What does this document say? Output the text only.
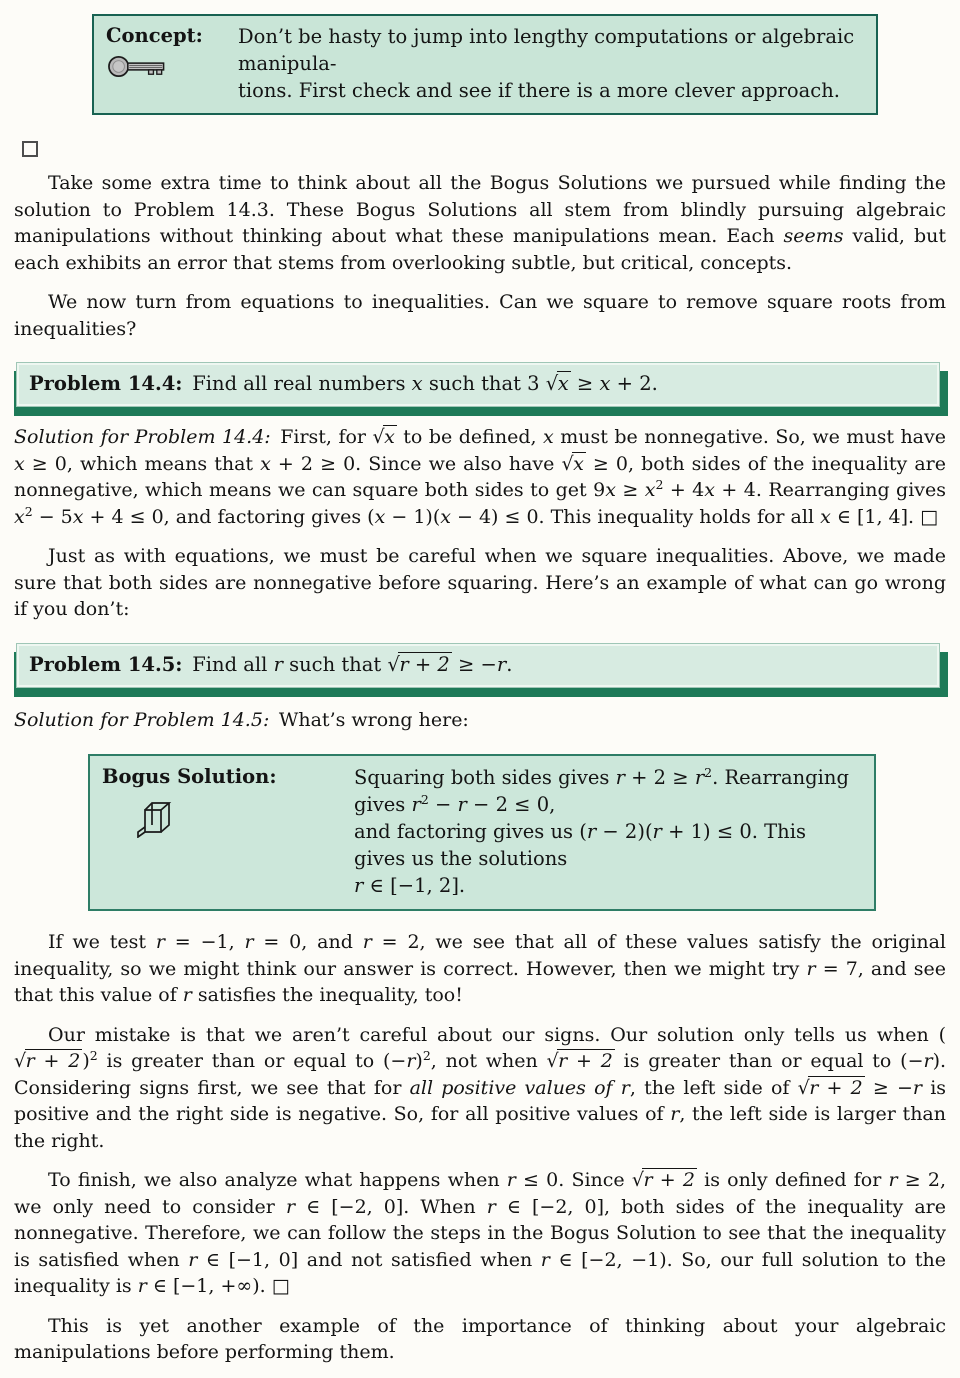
Concept:	Don’t be hasty to jump into lengthy computations or algebraic manipula-
tions. First check and see if there is a more clever approach.

Take some extra time to think about all the Bogus Solutions we pursued while finding the solution to Problem 14.3. These Bogus Solutions all stem from blindly pursuing algebraic manipulations without thinking about what these manipulations mean. Each seems valid, but each exhibits an error that stems from overlooking subtle, but critical, concepts.

We now turn from equations to inequalities. Can we square to remove square roots from inequalities?

Problem 14.4: Find all real numbers x such that 3 √x ≥ x + 2.

Solution for Problem 14.4: First, for √x to be defined, x must be nonnegative. So, we must have x ≥ 0, which means that x + 2 ≥ 0. Since we also have √x ≥ 0, both sides of the inequality are nonnegative, which means we can square both sides to get $9x \ge x^2 + 4x + 4$. Rearranging gives $x^2 - 5x + 4 \le 0$, and factoring gives (x − 1)(x − 4) ≤ 0. This inequality holds for all x ∈ [1, 4]. □

Just as with equations, we must be careful when we square inequalities. Above, we made sure that both sides are nonnegative before squaring. Here’s an example of what can go wrong if you don’t:

Problem 14.5: Find all r such that √r + 2 ≥ −r.

Solution for Problem 14.5: What’s wrong here:

Bogus Solution:	Squaring both sides gives $r + 2 \ge r^2$. Rearranging gives $r^2 - r - 2 \le 0$,
and factoring gives us (r − 2)(r + 1) ≤ 0. This gives us the solutions
r ∈ [−1, 2].

If we test r = −1, r = 0, and r = 2, we see that all of these values satisfy the original inequality, so we might think our answer is correct. However, then we might try r = 7, and see that this value of r satisfies the inequality, too!

Our mistake is that we aren’t careful about our signs. Our solution only tells us when ( √r + 2 )$^2$ is greater than or equal to $(-r)^2$, not when √r + 2 is greater than or equal to (−r). Considering signs first, we see that for all positive values of r, the left side of √r + 2 ≥ −r is positive and the right side is negative. So, for all positive values of r, the left side is larger than the right.

To finish, we also analyze what happens when r ≤ 0. Since √r + 2 is only defined for r ≥ 2, we only need to consider r ∈ [−2, 0]. When r ∈ [−2, 0], both sides of the inequality are nonnegative. Therefore, we can follow the steps in the Bogus Solution to see that the inequality is satisfied when r ∈ [−1, 0] and not satisfied when r ∈ [−2, −1). So, our full solution to the inequality is r ∈ [−1, +∞). □

This is yet another example of the importance of thinking about your algebraic manipulations before performing them.
